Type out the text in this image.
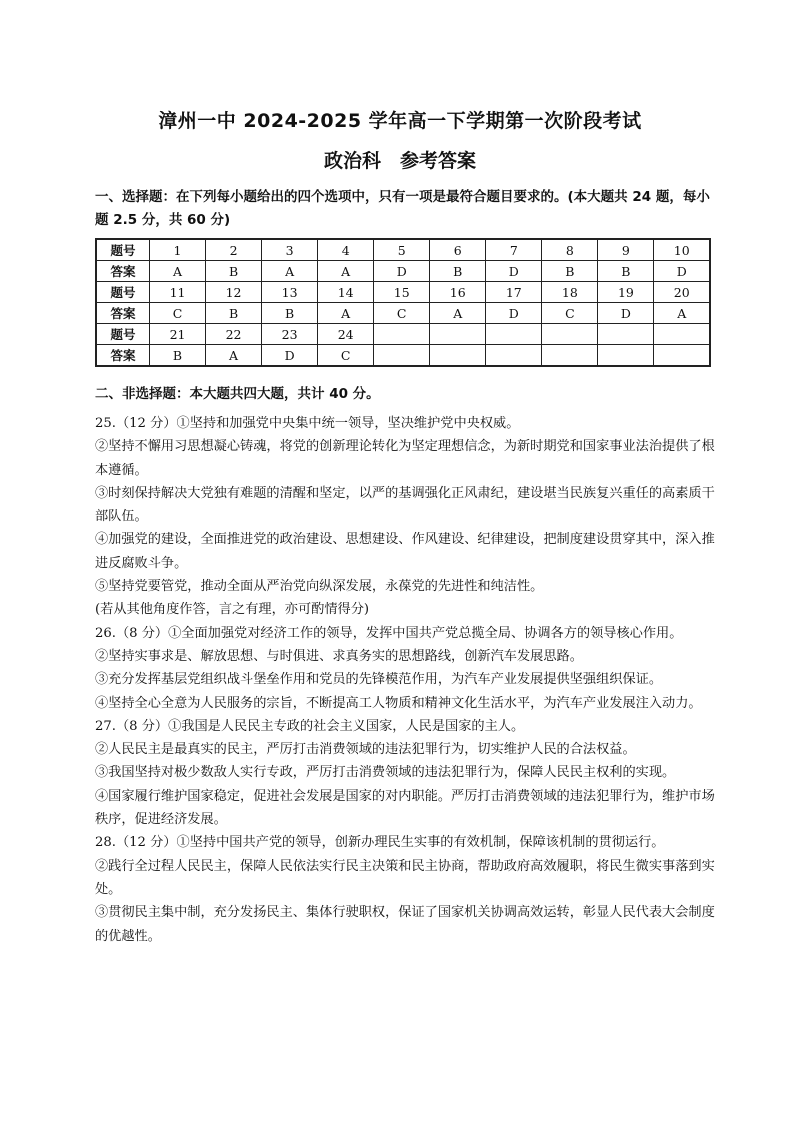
漳州一中 2024-2025 学年高一下学期第一次阶段考试
政治科　参考答案
一、选择题：在下列每小题给出的四个选项中，只有一项是最符合题目要求的。(本大题共 24 题，每小题 2.5 分，共 60 分)
题号	1	2	3	4	5	6	7	8	9	10
答案	A	B	A	A	D	B	D	B	B	D
题号	11	12	13	14	15	16	17	18	19	20
答案	C	B	B	A	C	A	D	C	D	A
题号	21	22	23	24						
答案	B	A	D	C						
二、非选择题：本大题共四大题，共计 40 分。

25.（12 分）①坚持和加强党中央集中统一领导，坚决维护党中央权威。

②坚持不懈用习思想凝心铸魂，将党的创新理论转化为坚定理想信念，为新时期党和国家事业法治提供了根本遵循。

③时刻保持解决大党独有难题的清醒和坚定，以严的基调强化正风肃纪，建设堪当民族复兴重任的高素质干部队伍。

④加强党的建设，全面推进党的政治建设、思想建设、作风建设、纪律建设，把制度建设贯穿其中，深入推进反腐败斗争。

⑤坚持党要管党，推动全面从严治党向纵深发展，永葆党的先进性和纯洁性。

(若从其他角度作答，言之有理，亦可酌情得分)

26.（8 分）①全面加强党对经济工作的领导，发挥中国共产党总揽全局、协调各方的领导核心作用。

②坚持实事求是、解放思想、与时俱进、求真务实的思想路线，创新汽车发展思路。

③充分发挥基层党组织战斗堡垒作用和党员的先锋模范作用，为汽车产业发展提供坚强组织保证。

④坚持全心全意为人民服务的宗旨，不断提高工人物质和精神文化生活水平，为汽车产业发展注入动力。

27.（8 分）①我国是人民民主专政的社会主义国家，人民是国家的主人。

②人民民主是最真实的民主，严厉打击消费领域的违法犯罪行为，切实维护人民的合法权益。

③我国坚持对极少数敌人实行专政，严厉打击消费领域的违法犯罪行为，保障人民民主权利的实现。

④国家履行维护国家稳定，促进社会发展是国家的对内职能。严厉打击消费领域的违法犯罪行为，维护市场秩序，促进经济发展。

28.（12 分）①坚持中国共产党的领导，创新办理民生实事的有效机制，保障该机制的贯彻运行。

②践行全过程人民民主，保障人民依法实行民主决策和民主协商，帮助政府高效履职，将民生微实事落到实处。

③贯彻民主集中制，充分发扬民主、集体行驶职权，保证了国家机关协调高效运转，彰显人民代表大会制度的优越性。
